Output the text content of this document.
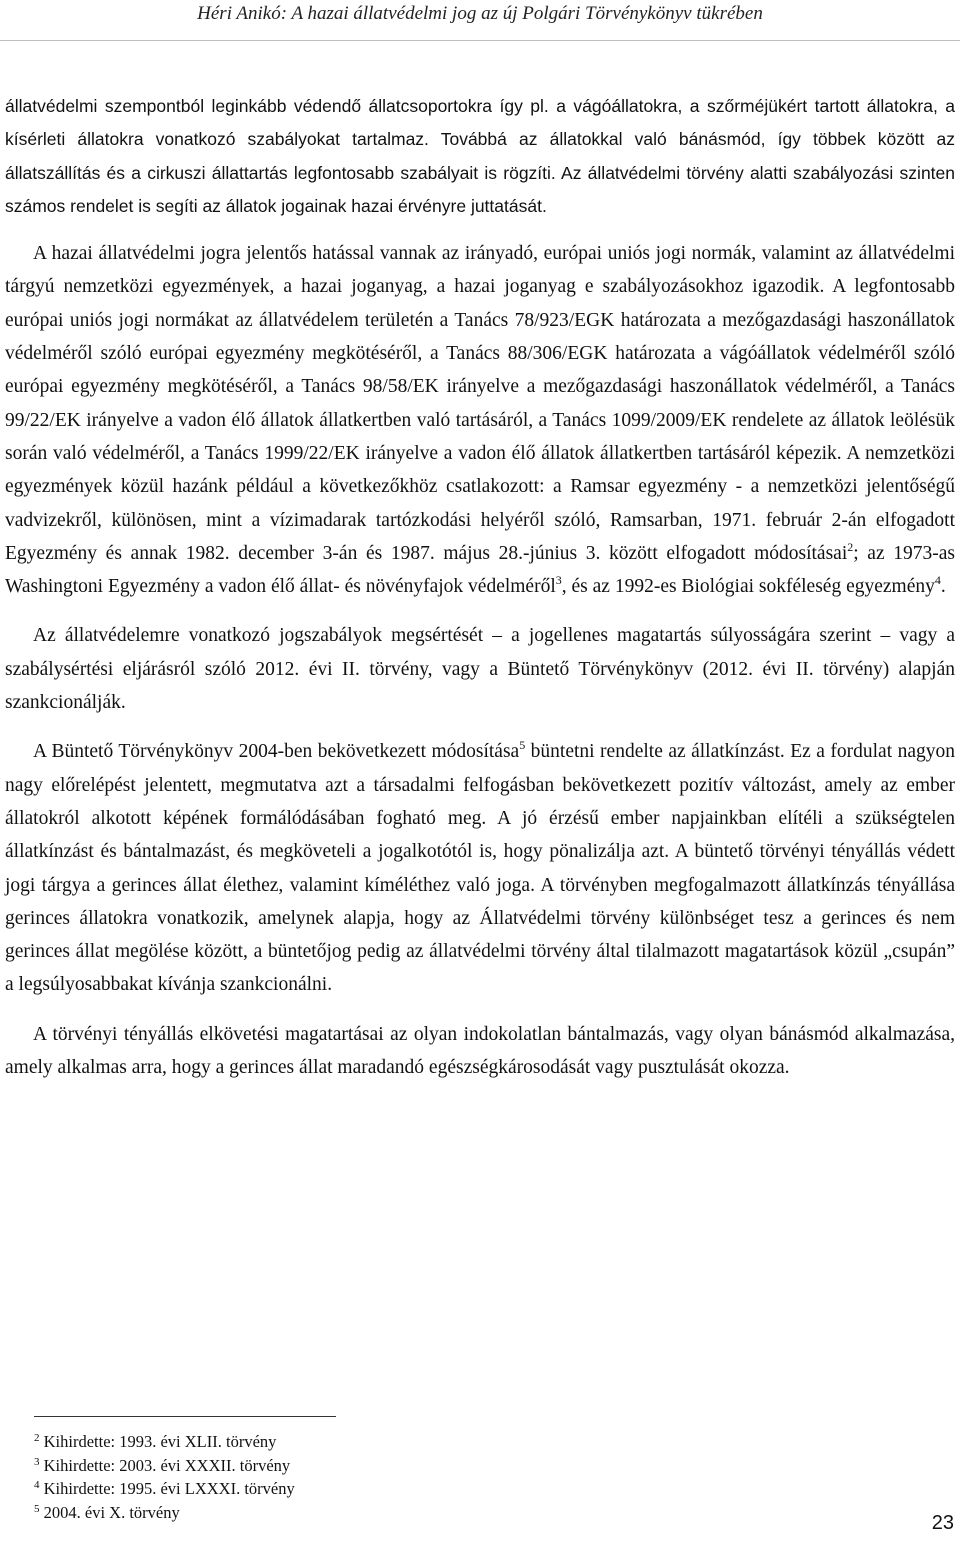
Héri Anikó: A hazai állatvédelmi jog az új Polgári Törvénykönyv tükrében

állatvédelmi szempontból leginkább védendő állatcsoportokra így pl. a vágóállatokra, a szőrméjükért tartott állatokra, a kísérleti állatokra vonatkozó szabályokat tartalmaz. Továbbá az állatokkal való bánásmód, így többek között az állatszállítás és a cirkuszi állattartás legfontosabb szabályait is rögzíti. Az állatvédelmi törvény alatti szabályozási szinten számos rendelet is segíti az állatok jogainak hazai érvényre juttatását.

A hazai állatvédelmi jogra jelentős hatással vannak az irányadó, európai uniós jogi normák, valamint az állatvédelmi tárgyú nemzetközi egyezmények, a hazai joganyag, a hazai joganyag e szabályozásokhoz igazodik. A legfontosabb európai uniós jogi normákat az állatvédelem területén a Tanács 78/923/EGK határozata a mezőgazdasági haszonállatok védelméről szóló európai egyezmény megkötéséről, a Tanács 88/306/EGK határozata a vágóállatok védelméről szóló európai egyezmény megkötéséről, a Tanács 98/58/EK irányelve a mezőgazdasági haszonállatok védelméről, a Tanács 99/22/EK irányelve a vadon élő állatok állatkertben való tartásáról, a Tanács 1099/2009/EK rendelete az állatok leölésük során való védelméről, a Tanács 1999/22/EK irányelve a vadon élő állatok állatkertben tartásáról képezik. A nemzetközi egyezmények közül hazánk például a következőkhöz csatlakozott: a Ramsar egyezmény - a nemzetközi jelentőségű vadvizekről, különösen, mint a vízimadarak tartózkodási helyéről szóló, Ramsarban, 1971. február 2-án elfogadott Egyezmény és annak 1982. december 3-án és 1987. május 28.-június 3. között elfogadott módosításai$^2$; az 1973-as Washingtoni Egyezmény a vadon élő állat- és növényfajok védelméről$^3$, és az 1992-es Biológiai sokféleség egyezmény$^4$.

Az állatvédelemre vonatkozó jogszabályok megsértését – a jogellenes magatartás súlyosságára szerint – vagy a szabálysértési eljárásról szóló 2012. évi II. törvény, vagy a Büntető Törvénykönyv (2012. évi II. törvény) alapján szankcionálják.

A Büntető Törvénykönyv 2004-ben bekövetkezett módosítása$^5$ büntetni rendelte az állatkínzást. Ez a fordulat nagyon nagy előrelépést jelentett, megmutatva azt a társadalmi felfogásban bekövetkezett pozitív változást, amely az ember állatokról alkotott képének formálódásában fogható meg. A jó érzésű ember napjainkban elítéli a szükségtelen állatkínzást és bántalmazást, és megköveteli a jogalkotótól is, hogy pönalizálja azt. A büntető törvényi tényállás védett jogi tárgya a gerinces állat élethez, valamint kíméléthez való joga. A törvényben megfogalmazott állatkínzás tényállása gerinces állatokra vonatkozik, amelynek alapja, hogy az Állatvédelmi törvény különbséget tesz a gerinces és nem gerinces állat megölése között, a büntetőjog pedig az állatvédelmi törvény által tilalmazott magatartások közül „csupán” a legsúlyosabbakat kívánja szankcionálni.

A törvényi tényállás elkövetési magatartásai az olyan indokolatlan bántalmazás, vagy olyan bánásmód alkalmazása, amely alkalmas arra, hogy a gerinces állat maradandó egészségkárosodását vagy pusztulását okozza.

$^2$ Kihirdette: 1993. évi XLII. törvény
$^3$ Kihirdette: 2003. évi XXXII. törvény
$^4$ Kihirdette: 1995. évi LXXXI. törvény
$^5$ 2004. évi X. törvény	23
